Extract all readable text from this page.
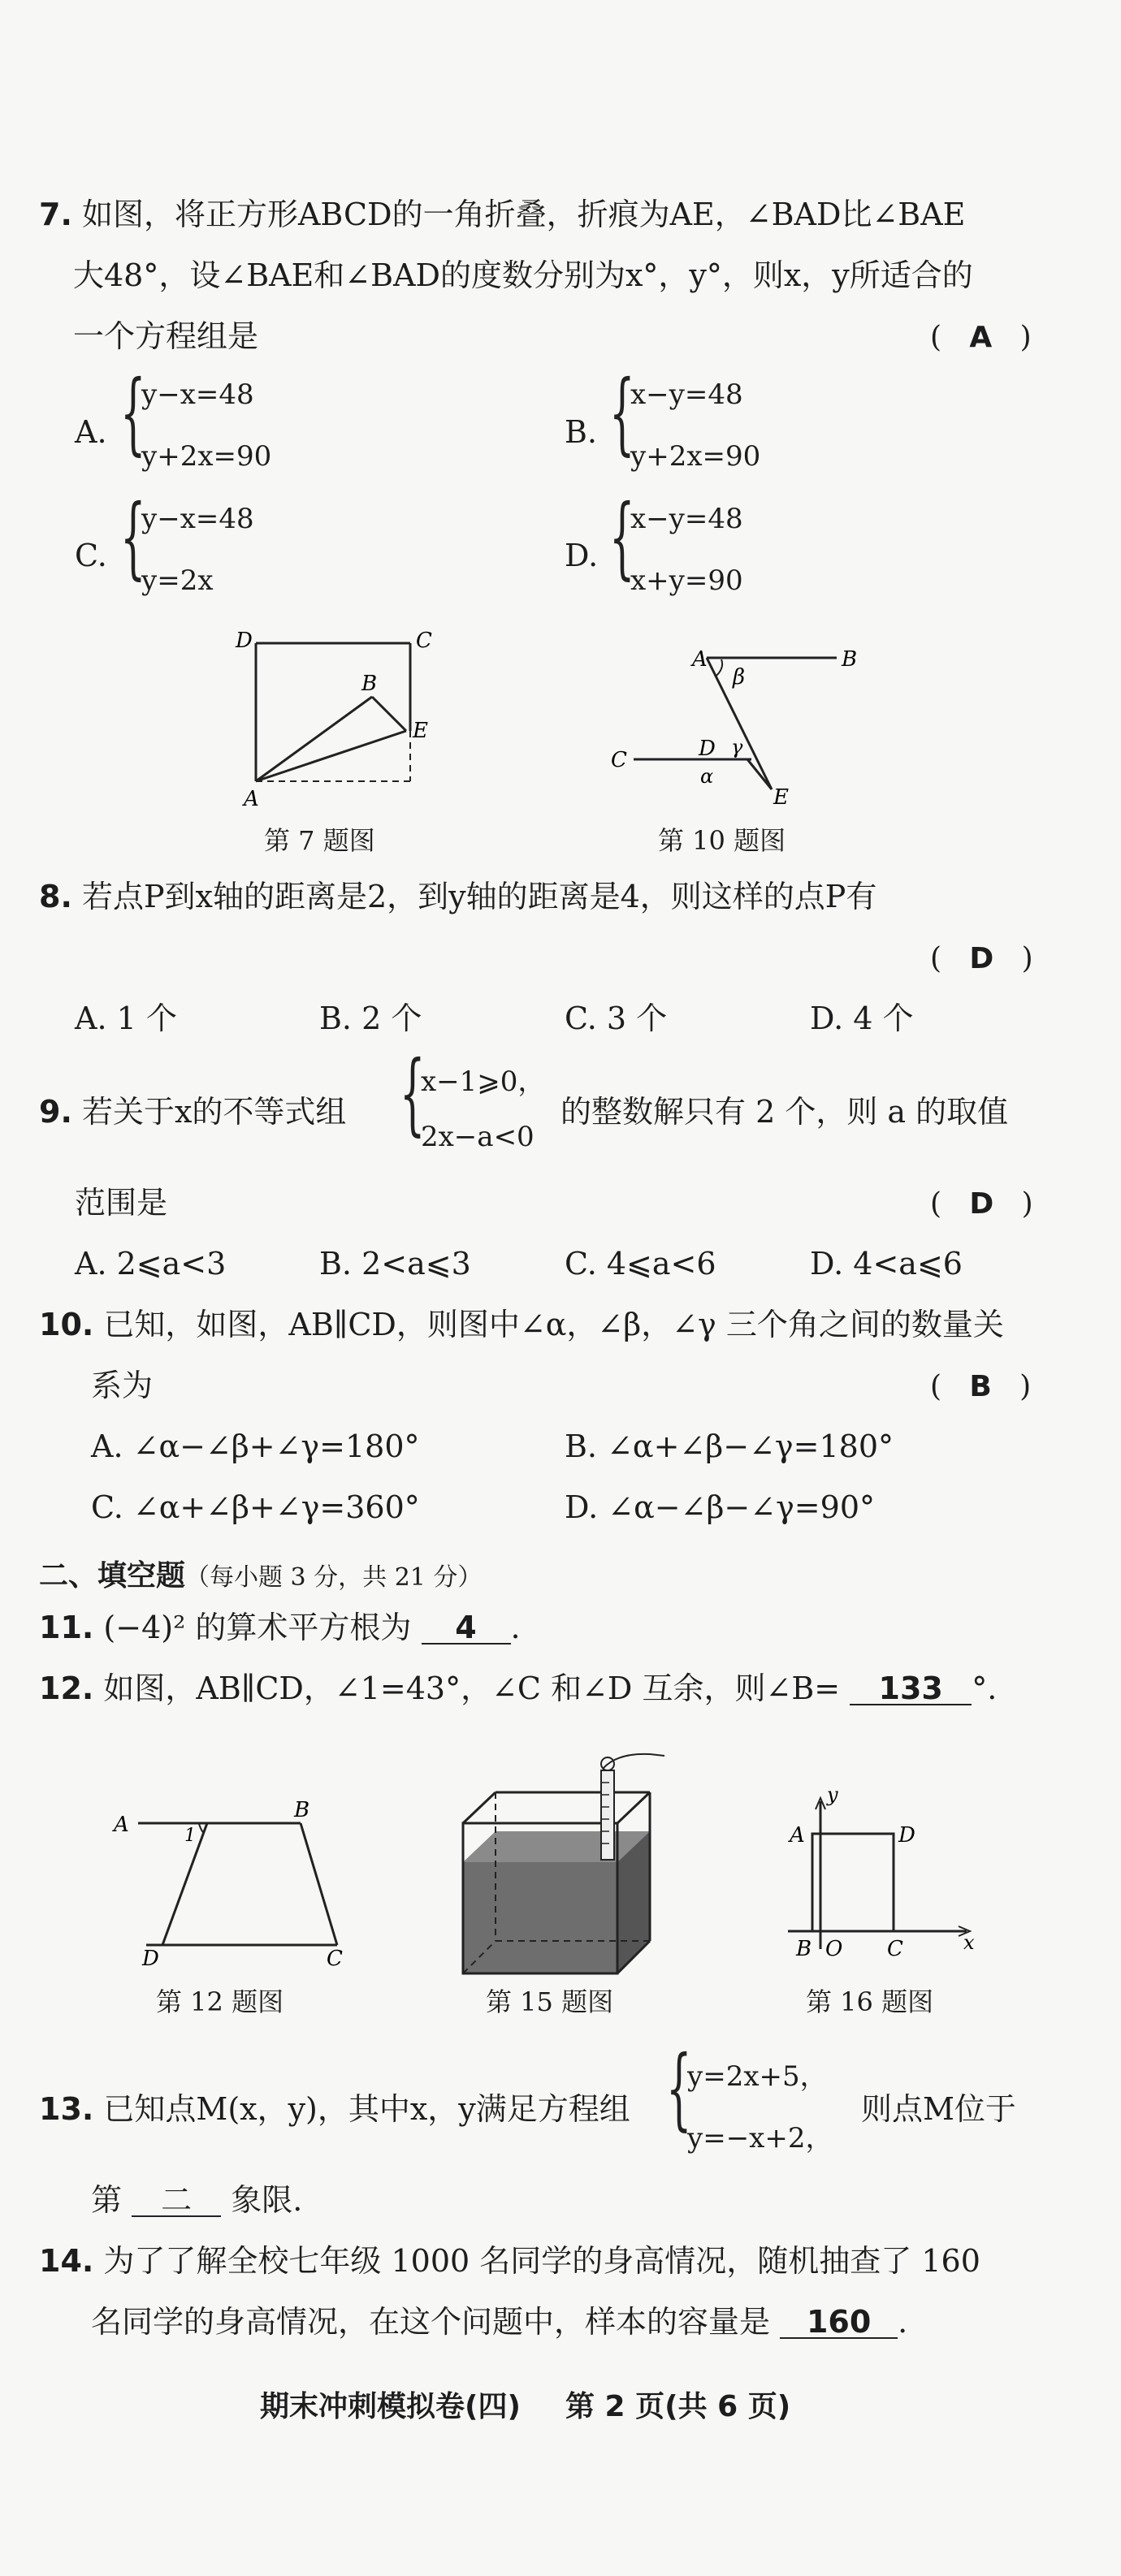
7. 如图，将正方形ABCD的一角折叠，折痕为AE，∠BAD比∠BAE
大48°，设∠BAE和∠BAD的度数分别为x°，y°，则x，y所适合的
一个方程组是	(   A   )
A. {
y−x=48
y+2x=90
B. {
x−y=48
y+2x=90
C. {
y−x=48
y=2x
D. {
x−y=48
x+y=90
D	C
B
E
A
第 7 题图
A	B
C	D
E
β
α
γ
第 10 题图
8. 若点P到x轴的距离是2，到y轴的距离是4，则这样的点P有
(   D   )
A. 1 个	B. 2 个	C. 3 个	D. 4 个
9. 若关于x的不等式组 {
x−1⩾0，
2x−a<0
的整数解只有 2 个，则 a 的取值
范围是	(   D   )
A. 2⩽a<3	B. 2<a⩽3	C. 4⩽a<6	D. 4<a⩽6
10. 已知，如图，AB∥CD，则图中∠α，∠β，∠γ 三个角之间的数量关
系为	(   B   )
A. ∠α−∠β+∠γ=180°	B. ∠α+∠β−∠γ=180°
C. ∠α+∠β+∠γ=360°	D. ∠α−∠β−∠γ=90°
二、填空题（每小题 3 分，共 21 分）
11. (−4)² 的算术平方根为 4 .
12. 如图，AB∥CD，∠1=43°，∠C 和∠D 互余，则∠B= 133 °.
A
B
1
D	C
第 12 题图	第 15 题图
y
A	D
B O C	x
第 16 题图
13. 已知点M(x，y)，其中x，y满足方程组 {
y=2x+5，
y=−x+2，
则点M位于
第 二 象限.
14. 为了了解全校七年级 1000 名同学的身高情况，随机抽查了 160
名同学的身高情况，在这个问题中，样本的容量是 160 .
期末冲刺模拟卷(四) 第 2 页(共 6 页)
